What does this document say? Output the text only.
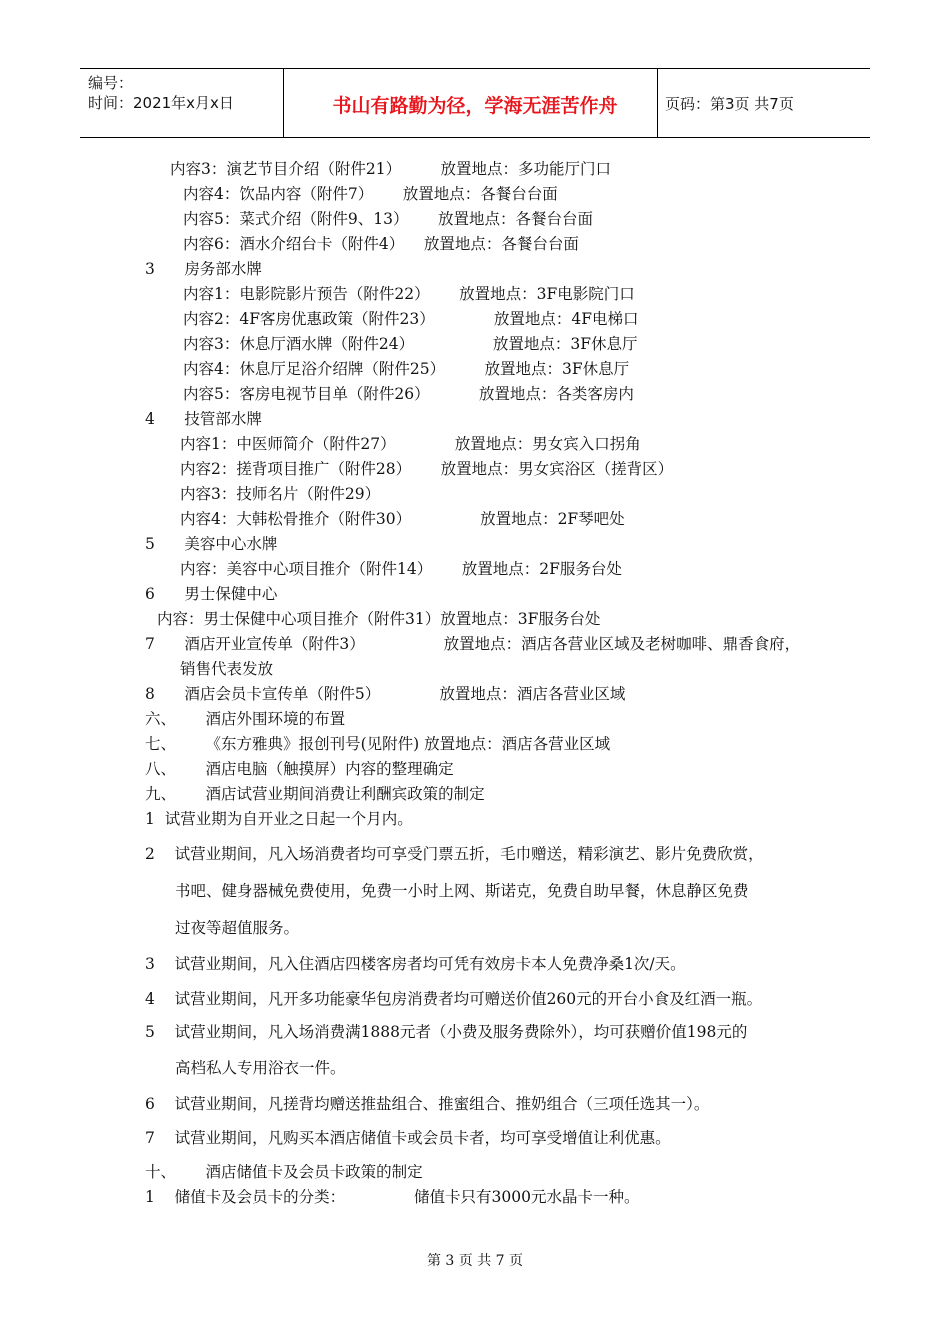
编号：
时间：2021年x月x日	书山有路勤为径，学海无涯苦作舟	页码：第3页 共7页
内容3：演艺节目介绍（附件21）        放置地点：多功能厅门口
内容4：饮品内容（附件7）      放置地点：各餐台台面
内容5：菜式介绍（附件9、13）      放置地点：各餐台台面
内容6：酒水介绍台卡（附件4）    放置地点：各餐台台面
3      房务部水牌
内容1：电影院影片预告（附件22）      放置地点：3F电影院门口
内容2：4F客房优惠政策（附件23）            放置地点：4F电梯口
内容3：休息厅酒水牌（附件24）                放置地点：3F休息厅
内容4：休息厅足浴介绍牌（附件25）        放置地点：3F休息厅
内容5：客房电视节目单（附件26）          放置地点：各类客房内
4      技管部水牌
内容1：中医师简介（附件27）            放置地点：男女宾入口拐角
内容2：搓背项目推广（附件28）      放置地点：男女宾浴区（搓背区）
内容3：技师名片（附件29）
内容4：大韩松骨推介（附件30）              放置地点：2F琴吧处
5      美容中心水牌
内容：美容中心项目推介（附件14）      放置地点：2F服务台处
6      男士保健中心
内容：男士保健中心项目推介（附件31）放置地点：3F服务台处
7      酒店开业宣传单（附件3）                放置地点：酒店各营业区域及老树咖啡、鼎香食府，
销售代表发放
8      酒店会员卡宣传单（附件5）            放置地点：酒店各营业区域
六、      酒店外围环境的布置
七、      《东方雅典》报创刊号(见附件) 放置地点：酒店各营业区域
八、      酒店电脑（触摸屏）内容的整理确定
九、      酒店试营业期间消费让利酬宾政策的制定
1  试营业期为自开业之日起一个月内。
2    试营业期间，凡入场消费者均可享受门票五折，毛巾赠送，精彩演艺、影片免费欣赏，
书吧、健身器械免费使用，免费一小时上网、斯诺克，免费自助早餐，休息静区免费
过夜等超值服务。
3    试营业期间，凡入住酒店四楼客房者均可凭有效房卡本人免费净桑1次/天。
4    试营业期间，凡开多功能豪华包房消费者均可赠送价值260元的开台小食及红酒一瓶。
5    试营业期间，凡入场消费满1888元者（小费及服务费除外），均可获赠价值198元的
高档私人专用浴衣一件。
6    试营业期间，凡搓背均赠送推盐组合、推蜜组合、推奶组合（三项任选其一）。
7    试营业期间，凡购买本酒店储值卡或会员卡者，均可享受增值让利优惠。
十、      酒店储值卡及会员卡政策的制定
1    储值卡及会员卡的分类：              储值卡只有3000元水晶卡一种。
第 3 页 共 7 页
